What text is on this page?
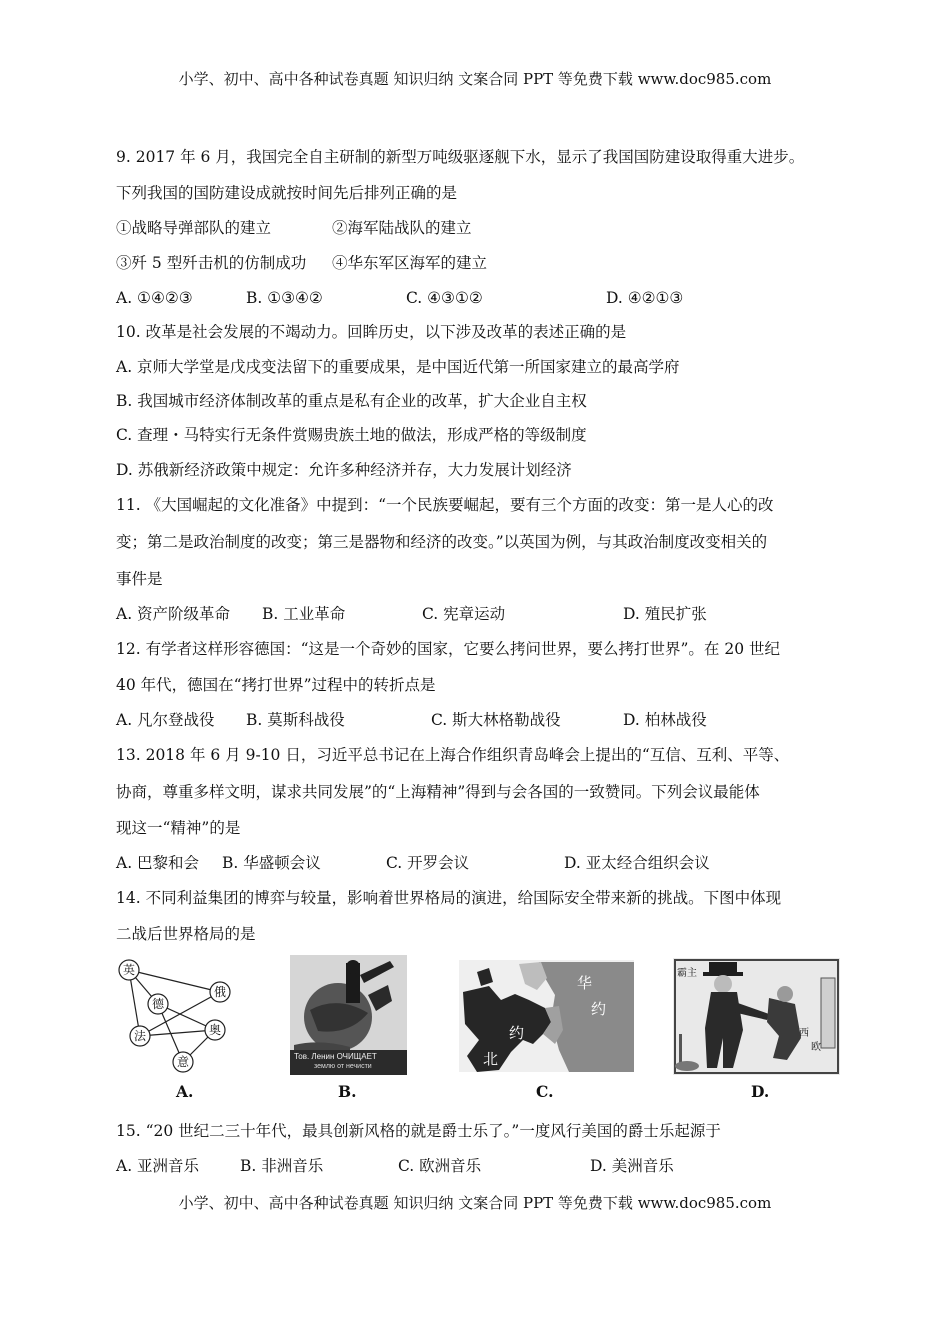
小学、初中、高中各种试卷真题 知识归纳 文案合同 PPT 等免费下载 www.doc985.com
9. 2017 年 6 月，我国完全自主研制的新型万吨级驱逐舰下水，显示了我国国防建设取得重大进步。
下列我国的国防建设成就按时间先后排列正确的是
①战略导弹部队的建立	②海军陆战队的建立
③歼 5 型歼击机的仿制成功 ④华东军区海军的建立
A. ①④②③	B. ①③④②	C. ④③①②	D. ④②①③
10. 改革是社会发展的不竭动力。回眸历史，以下涉及改革的表述正确的是
A. 京师大学堂是戊戌变法留下的重要成果，是中国近代第一所国家建立的最高学府
B. 我国城市经济体制改革的重点是私有企业的改革，扩大企业自主权
C. 查理・马特实行无条件赏赐贵族土地的做法，形成严格的等级制度
D. 苏俄新经济政策中规定：允许多种经济并存，大力发展计划经济
11. 《大国崛起的文化准备》中提到：“一个民族要崛起，要有三个方面的改变：第一是人心的改
变；第二是政治制度的改变；第三是器物和经济的改变。”以英国为例，与其政治制度改变相关的
事件是
A. 资产阶级革命 B. 工业革命	C. 宪章运动	D. 殖民扩张
12. 有学者这样形容德国：“这是一个奇妙的国家，它要么拷问世界，要么拷打世界”。在 20 世纪
40 年代，德国在“拷打世界”过程中的转折点是
A. 凡尔登战役 B. 莫斯科战役	C. 斯大林格勒战役	D. 柏林战役
13. 2018 年 6 月 9-10 日，习近平总书记在上海合作组织青岛峰会上提出的“互信、互利、平等、
协商，尊重多样文明，谋求共同发展”的“上海精神”得到与会各国的一致赞同。下列会议最能体
现这一“精神”的是
A. 巴黎和会 B. 华盛顿会议	C. 开罗会议	D. 亚太经合组织会议
14. 不同利益集团的博弈与较量，影响着世界格局的演进，给国际安全带来新的挑战。下图中体现
二战后世界格局的是
英
俄
德
法	奥
意
A.
Тов. Ленин ОЧИЩАЕТ
землю от нечисти
B.
华
约
约
北
C.
霸主
西
欧
D.
15. “20 世纪二三十年代，最具创新风格的就是爵士乐了。”一度风行美国的爵士乐起源于
A. 亚洲音乐	B. 非洲音乐	C. 欧洲音乐	D. 美洲音乐
小学、初中、高中各种试卷真题 知识归纳 文案合同 PPT 等免费下载 www.doc985.com
